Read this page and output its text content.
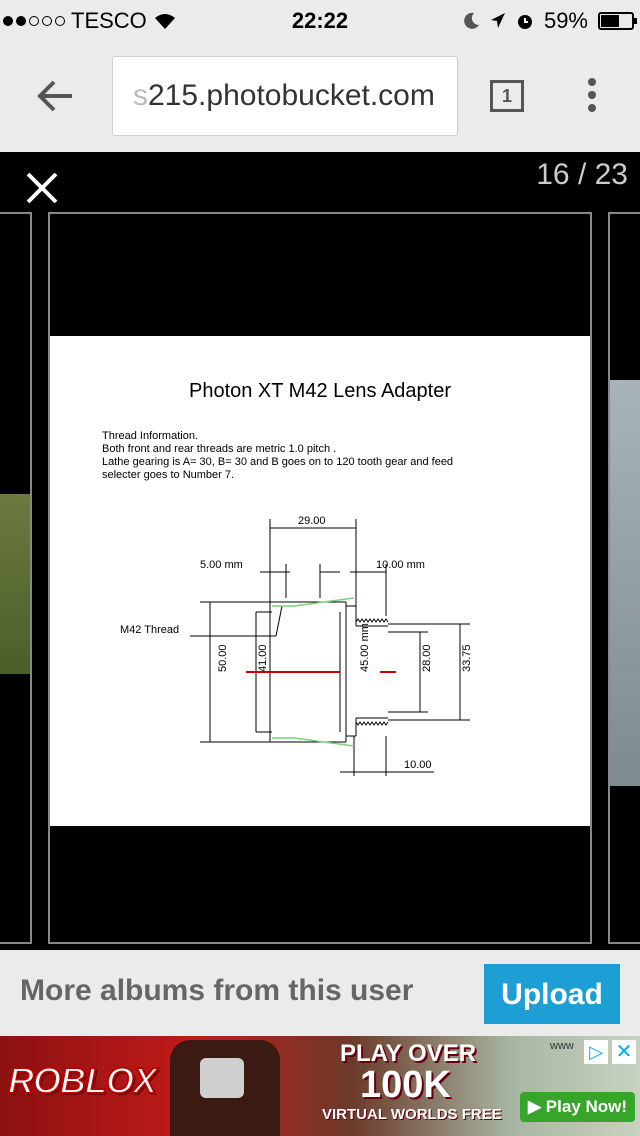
TESCO	22:22	59%
s215.photobucket.com	1
16 / 23
Photon XT M42 Lens Adapter
Thread Information.
Both front and rear threads are metric 1.0 pitch .
Lathe gearing is A= 30, B= 30 and B goes on to 120 tooth gear and feed
selecter goes to Number 7.
29.00
5.00 mm	10.00 mm
M42 Thread
50.00	41.00	45.00 mm	28.00	33.75
10.00
More albums from this user	Upload
ROBLOX
PLAY OVER
100K
VIRTUAL WORLDS FREE
www ▷ ✕
▶ Play Now!
